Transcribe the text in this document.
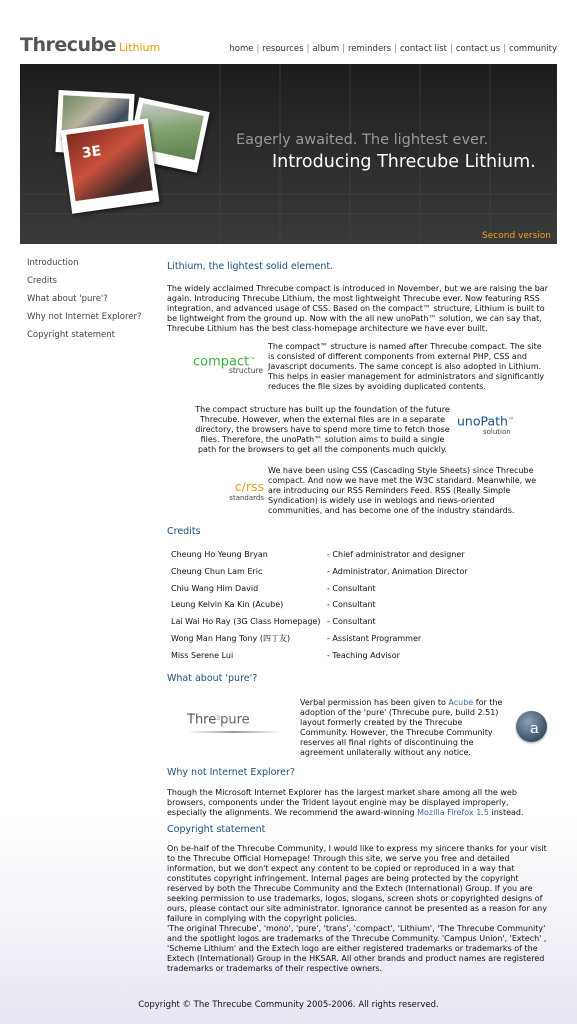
Threcube Lithium	home | resources | album | reminders | contact list | contact us | community
3E
Eagerly awaited. The lightest ever.
Introducing Threcube Lithium.
Second version
Introduction
Credits
What about 'pure'?
Why not Internet Explorer?
Copyright statement
Lithium, the lightest solid element.

The widely acclaimed Threcube compact is introduced in November, but we are raising the bar again. Introducing Threcube Lithium, the most lightweight Threcube ever. Now featuring RSS integration, and advanced usage of CSS. Based on the compact™ structure, Lithium is built to be lightweight from the ground up. Now with the all new unoPath™ solution, we can say that, Threcube Lithium has the best class-homepage architecture we have ever built.

compact™
structure

The compact™ structure is named after Threcube compact. The site is consisted of different components from external PHP, CSS and Javascript documents. The same concept is also adopted in Lithium. This helps in easier management for administrators and significantly reduces the file sizes by avoiding duplicated contents.

The compact structure has built up the foundation of the future Threcube. However, when the external files are in a separate directory, the browsers have to spend more time to fetch those files. Therefore, the unoPath™ solution aims to build a single path for the browsers to get all the components much quickly.

unoPath™
solution
c/rss
standards

We have been using CSS (Cascading Style Sheets) since Threcube compact. And now we have met the W3C standard. Meanwhile, we are introducing our RSS Reminders Feed. RSS (Really Simple Syndication) is widely use in weblogs and news-oriented communities, and has become one of the industry standards.

Credits
Cheung Ho Yeung Bryan	- Chief administrator and designer
Cheung Chun Lam Eric	- Administrator, Animation Director
Chiu Wang Him David	- Consultant
Leung Kelvin Ka Kin (Acube)	- Consultant
Lai Wai Ho Ray (3G Class Homepage) - Consultant
Wong Man Hang Tony (四丁友)	- Assistant Programmer
Miss Serene Lui	- Teaching Advisor
What about 'pure'?
Thre$^3$pure

Verbal permission has been given to Acube for the adoption of the 'pure' (Threcube pure, build 2.51) layout formerly created by the Threcube Community. However, the Threcube Community reserves all final rights of discontinuing the agreement unilaterally without any notice.

a
Why not Internet Explorer?

Though the Microsoft Internet Explorer has the largest market share among all the web browsers, components under the Trident layout engine may be displayed improperly, especially the alignments. We recommend the award-winning Mozilla Firefox 1.5 instead.

Copyright statement

On be-half of the Threcube Community, I would like to express my sincere thanks for your visit to the Threcube Official Homepage! Through this site, we serve you free and detailed information, but we don't expect any content to be copied or reproduced in a way that constitutes copyright infringement. Internal pages are being protected by the copyright reserved by both the Threcube Community and the Extech (International) Group. If you are seeking permission to use trademarks, logos, slogans, screen shots or copyrighted designs of ours, please contact our site administrator. Ignorance cannot be presented as a reason for any failure in complying with the copyright policies.

'The original Threcube', 'mono', 'pure', 'trans', 'compact', 'Lithium', 'The Threcube Community' and the spotlight logos are trademarks of the Threcube Community. 'Campus Union', 'Extech' , 'Scheme Lithium' and the Extech logo are either registered trademarks or trademarks of the Extech (International) Group in the HKSAR. All other brands and product names are registered trademarks or trademarks of their respective owners.

Copyright © The Threcube Community 2005-2006. All rights reserved.
